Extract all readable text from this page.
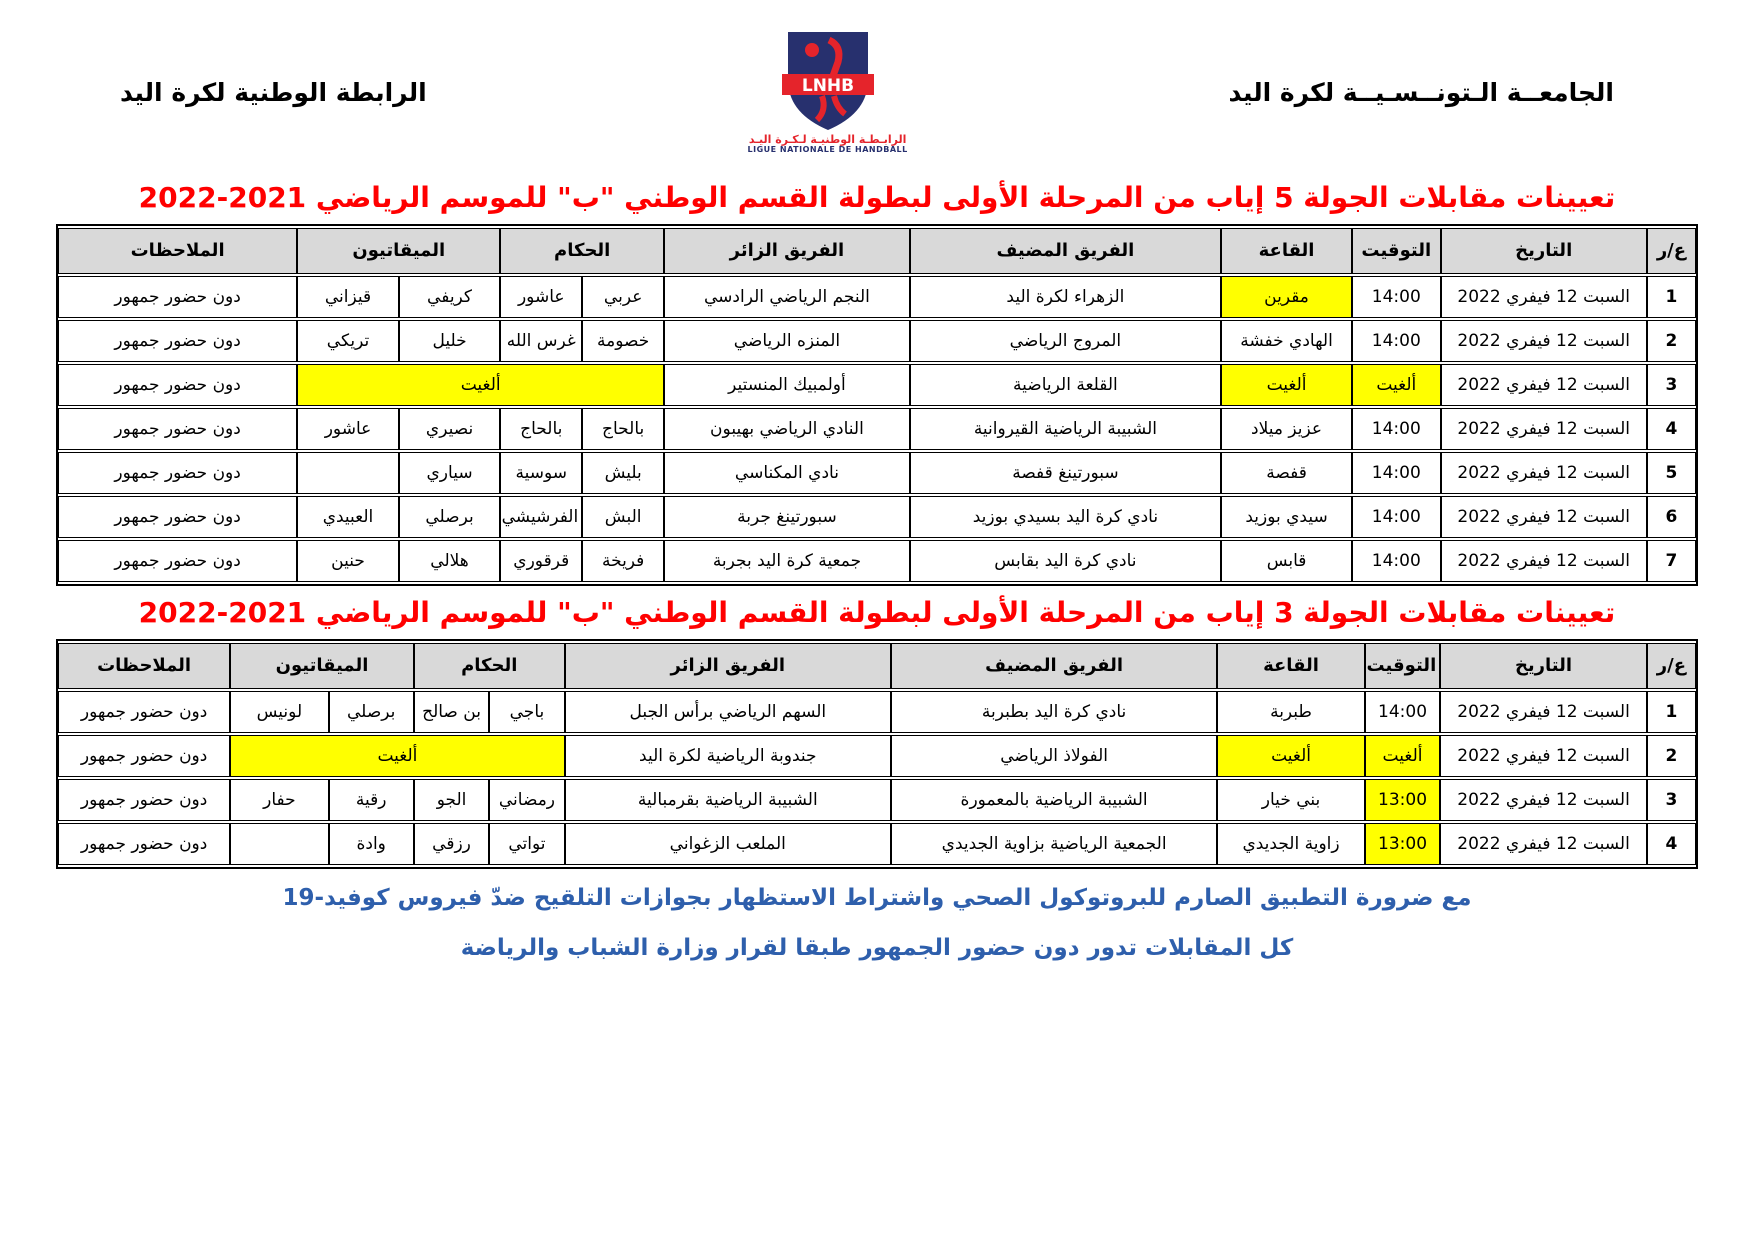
الجامعــة الـتونــسـيــة لكرة اليد
LNHB
الرابـطـة الوطنيـة لـكـرة اليـد
LIGUE NATIONALE DE HANDBALL
الرابطة الوطنية لكرة اليد
تعيينات مقابلات الجولة 5 إياب من المرحلة الأولى لبطولة القسم الوطني "ب" للموسم الرياضي 2021-2022
ع/ر	التاريخ	التوقيت	القاعة	الفريق المضيف	الفريق الزائر	الحكام		الميقاتيون		الملاحظات
1	السبت 12 فيفري 2022	14:00	مقرين	الزهراء لكرة اليد	النجم الرياضي الرادسي	عربي	عاشور	كريفي	قيزاني	دون حضور جمهور
2	السبت 12 فيفري 2022	14:00	الهادي خفشة	المروج الرياضي	المنزه الرياضي	خصومة	غرس الله	خليل	تريكي	دون حضور جمهور
3	السبت 12 فيفري 2022	ألغيت	ألغيت	القلعة الرياضية	أولمبيك المنستير	ألغيت				دون حضور جمهور
4	السبت 12 فيفري 2022	14:00	عزيز ميلاد	الشبيبة الرياضية القيروانية	النادي الرياضي بهيبون	بالحاج	بالحاج	نصيري	عاشور	دون حضور جمهور
5	السبت 12 فيفري 2022	14:00	قفصة	سبورتينغ قفصة	نادي المكناسي	بليش	سوسية	سياري		دون حضور جمهور
6	السبت 12 فيفري 2022	14:00	سيدي بوزيد	نادي كرة اليد بسيدي بوزيد	سبورتينغ جربة	البش	الفرشيشي	برصلي	العبيدي	دون حضور جمهور
7	السبت 12 فيفري 2022	14:00	قابس	نادي كرة اليد بقابس	جمعية كرة اليد بجربة	فريخة	قرقوري	هلالي	حنين	دون حضور جمهور
تعيينات مقابلات الجولة 3 إياب من المرحلة الأولى لبطولة القسم الوطني "ب" للموسم الرياضي 2021-2022
ع/ر	التاريخ	التوقيت	القاعة	الفريق المضيف	الفريق الزائر	الحكام		الميقاتيون		الملاحظات
1	السبت 12 فيفري 2022	14:00	طبربة	نادي كرة اليد بطبربة	السهم الرياضي برأس الجبل	باجي	بن صالح	برصلي	لونيس	دون حضور جمهور
2	السبت 12 فيفري 2022	ألغيت	ألغيت	الفولاذ الرياضي	جندوبة الرياضية لكرة اليد	ألغيت				دون حضور جمهور
3	السبت 12 فيفري 2022	13:00	بني خيار	الشبيبة الرياضية بالمعمورة	الشبيبة الرياضية بقرمبالية	رمضاني	الجو	رقية	حفار	دون حضور جمهور
4	السبت 12 فيفري 2022	13:00	زاوية الجديدي	الجمعية الرياضية بزاوية الجديدي	الملعب الزغواني	تواتي	رزقي	وادة		دون حضور جمهور
مع ضرورة التطبيق الصارم للبروتوكول الصحي واشتراط الاستظهار بجوازات التلقيح ضدّ فيروس كوفيد-19
كل المقابلات تدور دون حضور الجمهور طبقا لقرار وزارة الشباب والرياضة
